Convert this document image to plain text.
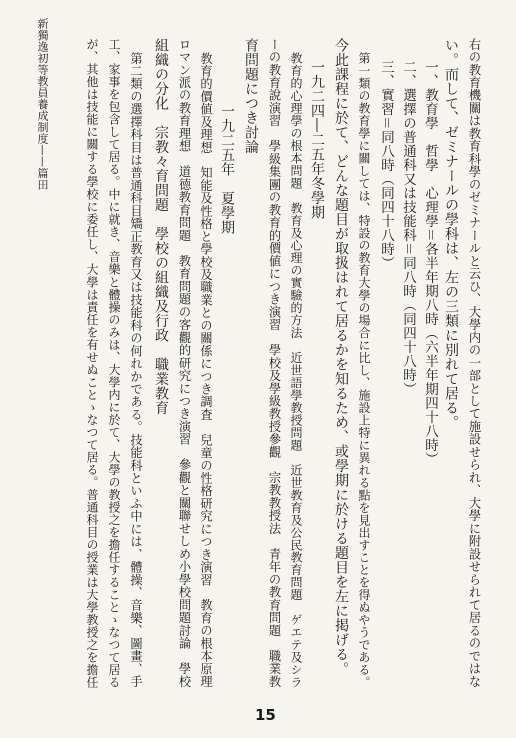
新獨逸初等教員養成制度——篇田	右の教育機關は教育科學のゼミナールと云ひ、大學内の一部として施設せられ、大學に附設せられて居るのではな
い。而して、ゼミナールの學科は、左の三類に別れて居る。
一、教育學　哲學　心理學＝各半年期八時（六半年期四十八時）
二、選擇の普通科又は技能科＝同八時（同四十八時）
三、實習＝同八時（同四十八時）
第一類の教育學に關しては、特設の教育大學の場合に比し、施設上特に異れる點を見出すことを得ぬやうである。
今此課程に於て、どんな題目が取扱はれて居るかを知るため、或學期に於ける題目を左に掲げる。
一九二四―二五年冬學期
教育的心理學の根本問題　教育及心理の實驗的方法　近世語學教授問題　近世教育及公民教育問題　ゲエテ及シラ
ーの教育說演習　學級集團の教育的價値につき演習　學校及學級教授參觀　宗教教授法　青年の教育問題　職業教
育問題につき討論
一九二五年　夏學期
教育的價値及理想　知能及性格と學校及職業との關係につき調査　兒童の性格研究につき演習　教育の根本原理
ロマン派の教育理想　道德教育問題　教育問題の客觀的研究につき演習　參觀と關聯せしめ小學校問題討論　學校
組織の分化　宗教々育問題　學校の組織及行政　職業教育
第二類の選擇科目は普通科目矯正教育又は技能科の何れかである。技能科といふ中には、體操、音樂、圖畫、手
工、家事を包含して居る。中に就き、音樂と體操のみは、大學内に於て、大學の教授之を擔任することゝなつて居る
が、其他は技能に關する學校に委任し、大學は責任を有せぬことゝなつて居る。普通科目の授業は大學教授之を擔任
15
